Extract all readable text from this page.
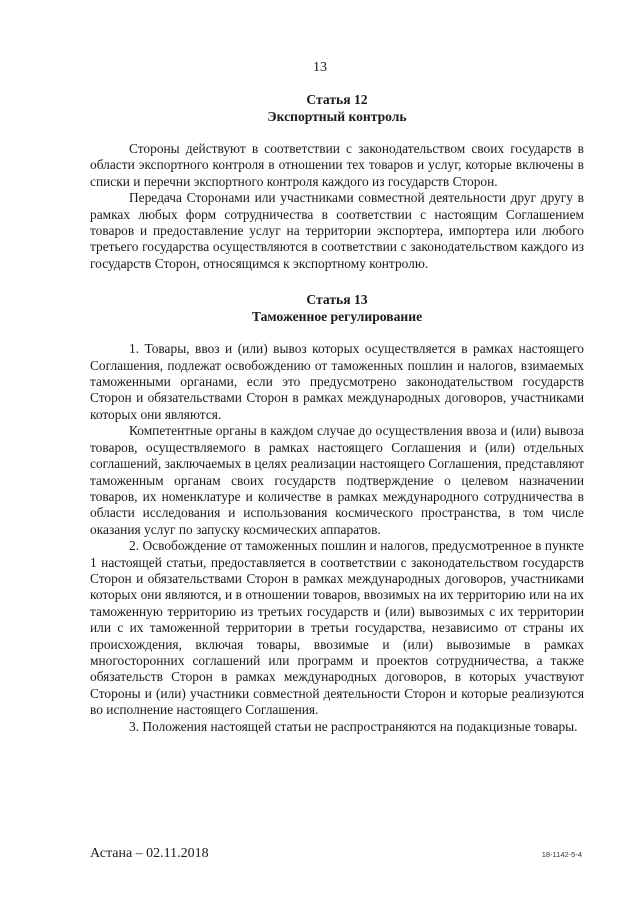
13
Статья 12
Экспортный контроль

Стороны действуют в соответствии с законодательством своих государств в области экспортного контроля в отношении тех товаров и услуг, которые включены в списки и перечни экспортного контроля каждого из государств Сторон.

Передача Сторонами или участниками совместной деятельности друг другу в рамках любых форм сотрудничества в соответствии с настоящим Соглашением товаров и предоставление услуг на территории экспортера, импортера или любого третьего государства осуществляются в соответствии с законодательством каждого из государств Сторон, относящимся к экспортному контролю.

Статья 13
Таможенное регулирование

1. Товары, ввоз и (или) вывоз которых осуществляется в рамках настоящего Соглашения, подлежат освобождению от таможенных пошлин и налогов, взимаемых таможенными органами, если это предусмотрено законодательством государств Сторон и обязательствами Сторон в рамках международных договоров, участниками которых они являются.

Компетентные органы в каждом случае до осуществления ввоза и (или) вывоза товаров, осуществляемого в рамках настоящего Соглашения и (или) отдельных соглашений, заключаемых в целях реализации настоящего Соглашения, представляют таможенным органам своих государств подтверждение о целевом назначении товаров, их номенклатуре и количестве в рамках международного сотрудничества в области исследования и использования космического пространства, в том числе оказания услуг по запуску космических аппаратов.

2. Освобождение от таможенных пошлин и налогов, предусмотренное в пункте 1 настоящей статьи, предоставляется в соответствии с законодательством государств Сторон и обязательствами Сторон в рамках международных договоров, участниками которых они являются, и в отношении товаров, ввозимых на их территорию или на их таможенную территорию из третьих государств и (или) вывозимых с их территории или с их таможенной территории в третьи государства, независимо от страны их происхождения, включая товары, ввозимые и (или) вывозимые в рамках многосторонних соглашений или программ и проектов сотрудничества, а также обязательств Сторон в рамках международных договоров, в которых участвуют Стороны и (или) участники совместной деятельности Сторон и которые реализуются во исполнение настоящего Соглашения.

3. Положения настоящей статьи не распространяются на подакцизные товары.

Астана – 02.11.2018	18-1142-5-4
